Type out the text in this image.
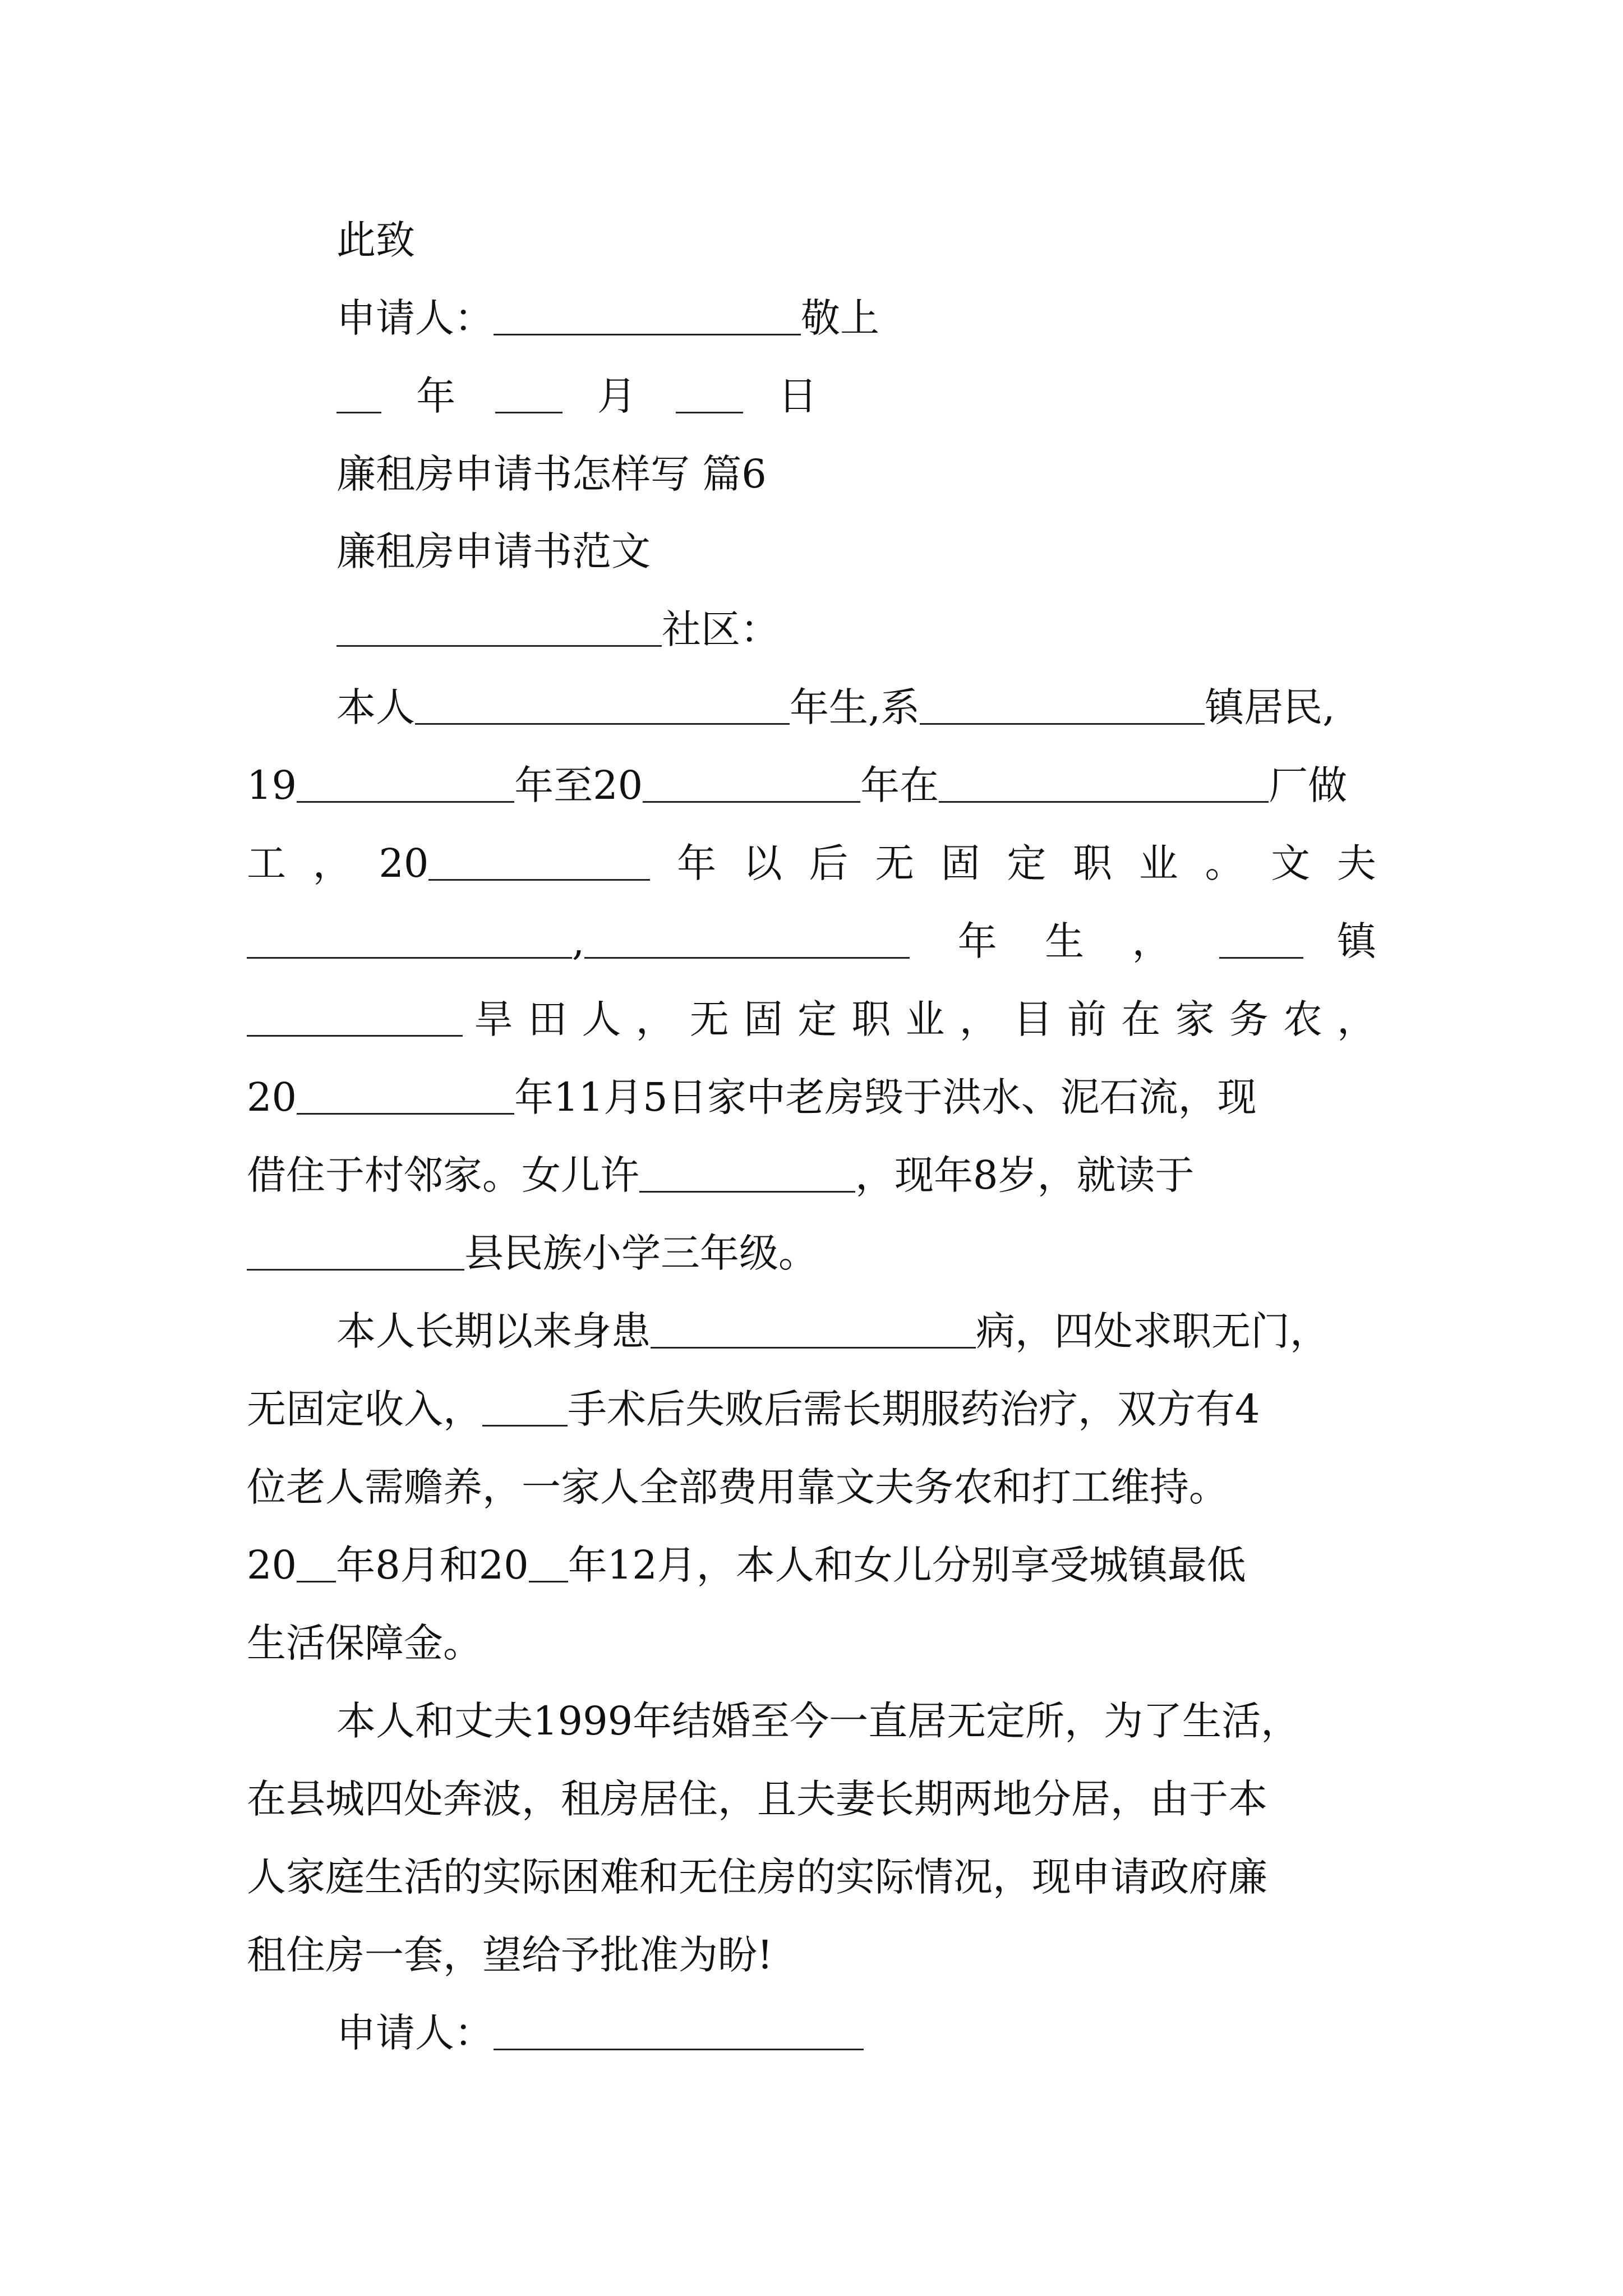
此致
申请人：	敬上
年	月	日
廉租房申请书怎样写 篇6
廉租房申请书范文
社区：
本人	年生,系	镇居民,
19	年至20	年在	厂做
工 ， 20	年 以 后 无 固 定 职 业 。 文 夫
,	年 生 ，	镇
旱 田 人 ， 无 固 定 职 业 ， 目 前 在 家 务 农 ，
20	年11月5日家中老房毁于洪水、泥石流，现
借住于村邻家。女儿许	，现年8岁，就读于
县民族小学三年级。
本人长期以来身患	病，四处求职无门，
无固定收入， 手术后失败后需长期服药治疗，双方有4
位老人需赡养，一家人全部费用靠文夫务农和打工维持。
20 年8月和20 年12月，本人和女儿分别享受城镇最低
生活保障金。
本人和丈夫1999年结婚至今一直居无定所，为了生活，
在县城四处奔波，租房居住，且夫妻长期两地分居，由于本
人家庭生活的实际困难和无住房的实际情况，现申请政府廉
租住房一套，望给予批准为盼!
申请人：
